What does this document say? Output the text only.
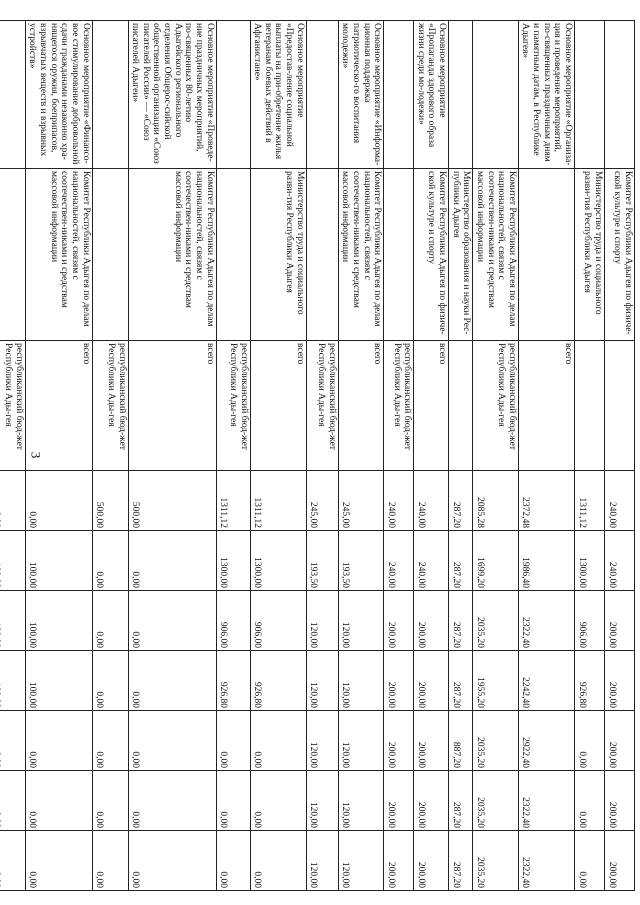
3
	Комитет Республики Адыгея по физиче-ской культуре и спорту		240,00	240,00	200,00	200,00	200,00	200,00	200,00
	Министерство труда и социального разви-тия Республики Адыгея		1311,12	1300,00	906,00	926,80	0,00	0,00	0,00
Основное мероприятие «Организа-ция и проведение мероприятий, по-священных праздничным дням и памятным датам, в Республике Адыгея»		всего	2372,48	1986,40	2322,40	2242,40	2922,40	2322,40	2322,40
	Комитет Республики Адыгея по делам национальностей, связям с соотечествен-никами и средствам массовой информации	республиканский бюд-жет Республики Ады-гея	2085,28	1699,20	2035,20	1955,20	2035,20	2035,20	2035,20
	Министерство образования и науки Рес-публики Адыгея		287,20	287,20	287,20	287,20	887,20	287,20	287,20
Основное мероприятие «Пропаганда здорового образа жизни среди мо-лодежи»	Комитет Республики Адыгея по физиче-ской культуре и спорту	всего	240,00	240,00	200,00	200,00	200,00	200,00	200,00
		республиканский бюд-жет Республики Ады-гея	240,00	240,00	200,00	200,00	200,00	200,00	200,00
Основное мероприятие «Информа-ционная поддержка патриотическо-го воспитания молодежи»	Комитет Республики Адыгея по делам национальностей, связям с соотечествен-никами и средствам массовой информации	всего	245,00	193,50	120,00	120,00	120,00	120,00	120,00
		республиканский бюд-жет Республики Ады-гея	245,00	193,50	120,00	120,00	120,00	120,00	120,00
Основное мероприятие «Предостав-ление социальной выплаты на при-обретение жилья ветеранам боевых действий в Афганистане»	Министерство труда и социального разви-тия Республики Адыгея	всего	1311,12	1300,00	906,00	926,80	0,00	0,00	0,00
		республиканский бюд-жет Республики Ады-гея	1311,12	1300,00	906,00	926,80	0,00	0,00	0,00
Основное мероприятие «Проведе-ние праздничных мероприятий, по-священных 80-летию Адыгейского регионального отделения Общерос-сийской общественной организации «Союз писателей России» — «Союз писателей Адыгеи»	Комитет Республики Адыгея по делам национальностей, связям с соотечествен-никами и средствам массовой информации	всего	500,00	0,00	0,00	0,00	0,00	0,00	0,00
		республиканский бюд-жет Республики Ады-гея	500,00	0,00	0,00	0,00	0,00	0,00	0,00
Основное мероприятие «Финансо-вое стимулирование добровольной сдачи гражданами незаконно хра-нящегося оружия, боеприпасов, взрывчатых веществ и взрывных устройств»	Комитет Республики Адыгея по делам национальностей, связям с соотечествен-никами и средствам массовой информации	всего	0,00	100,00	100,00	100,00	0,00	0,00	0,00
		республиканский бюд-жет Республики Ады-гея							
